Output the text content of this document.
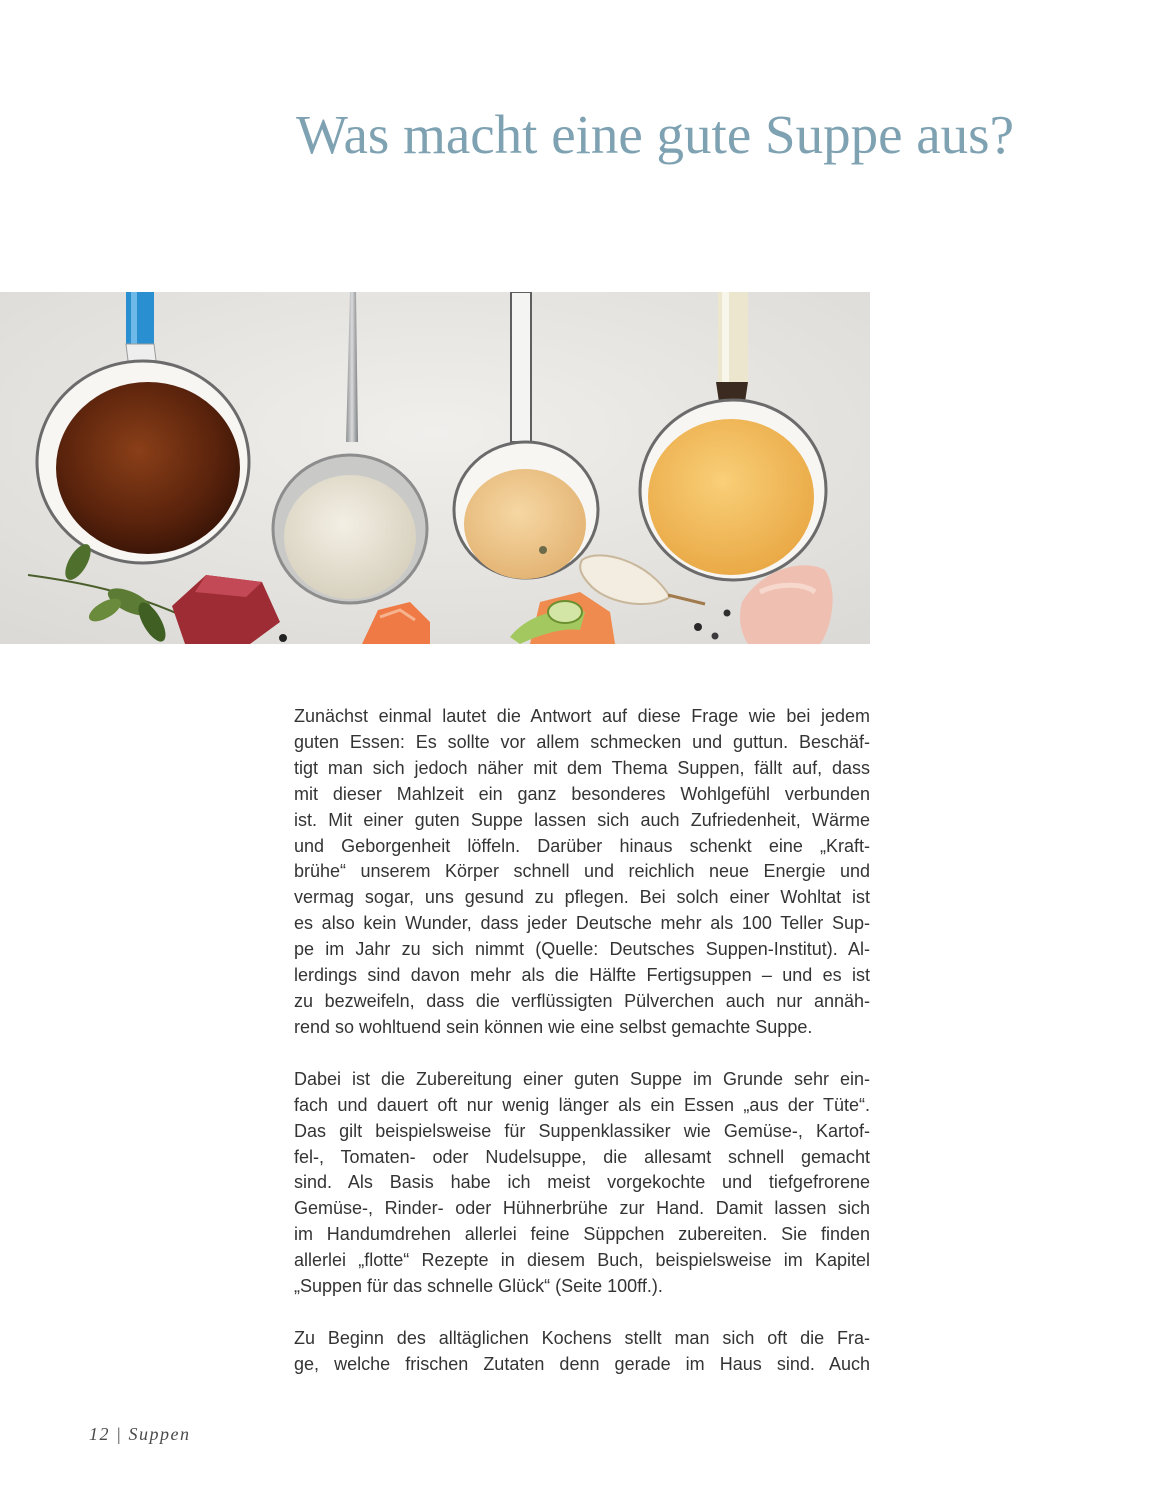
Was macht eine gute Suppe aus?

Zunächst einmal lautet die Antwort auf diese Frage wie bei jedem
guten Essen: Es sollte vor allem schmecken und guttun. Beschäf-
tigt man sich jedoch näher mit dem Thema Suppen, fällt auf, dass
mit dieser Mahlzeit ein ganz besonderes Wohlgefühl verbunden
ist. Mit einer guten Suppe lassen sich auch Zufriedenheit, Wärme
und Geborgenheit löffeln. Darüber hinaus schenkt eine „Kraft-
brühe“ unserem Körper schnell und reichlich neue Energie und
vermag sogar, uns gesund zu pflegen. Bei solch einer Wohltat ist
es also kein Wunder, dass jeder Deutsche mehr als 100 Teller Sup-
pe im Jahr zu sich nimmt (Quelle: Deutsches Suppen-Institut). Al-
lerdings sind davon mehr als die Hälfte Fertigsuppen – und es ist
zu bezweifeln, dass die verflüssigten Pülverchen auch nur annäh-
rend so wohltuend sein können wie eine selbst gemachte Suppe.

Dabei ist die Zubereitung einer guten Suppe im Grunde sehr ein-
fach und dauert oft nur wenig länger als ein Essen „aus der Tüte“.
Das gilt beispielsweise für Suppenklassiker wie Gemüse-, Kartof-
fel-, Tomaten- oder Nudelsuppe, die allesamt schnell gemacht
sind. Als Basis habe ich meist vorgekochte und tiefgefrorene
Gemüse-, Rinder- oder Hühnerbrühe zur Hand. Damit lassen sich
im Handumdrehen allerlei feine Süppchen zubereiten. Sie finden
allerlei „flotte“ Rezepte in diesem Buch, beispielsweise im Kapitel
„Suppen für das schnelle Glück“ (Seite 100ff.).

Zu Beginn des alltäglichen Kochens stellt man sich oft die Fra-
ge, welche frischen Zutaten denn gerade im Haus sind. Auch

12 | Suppen
